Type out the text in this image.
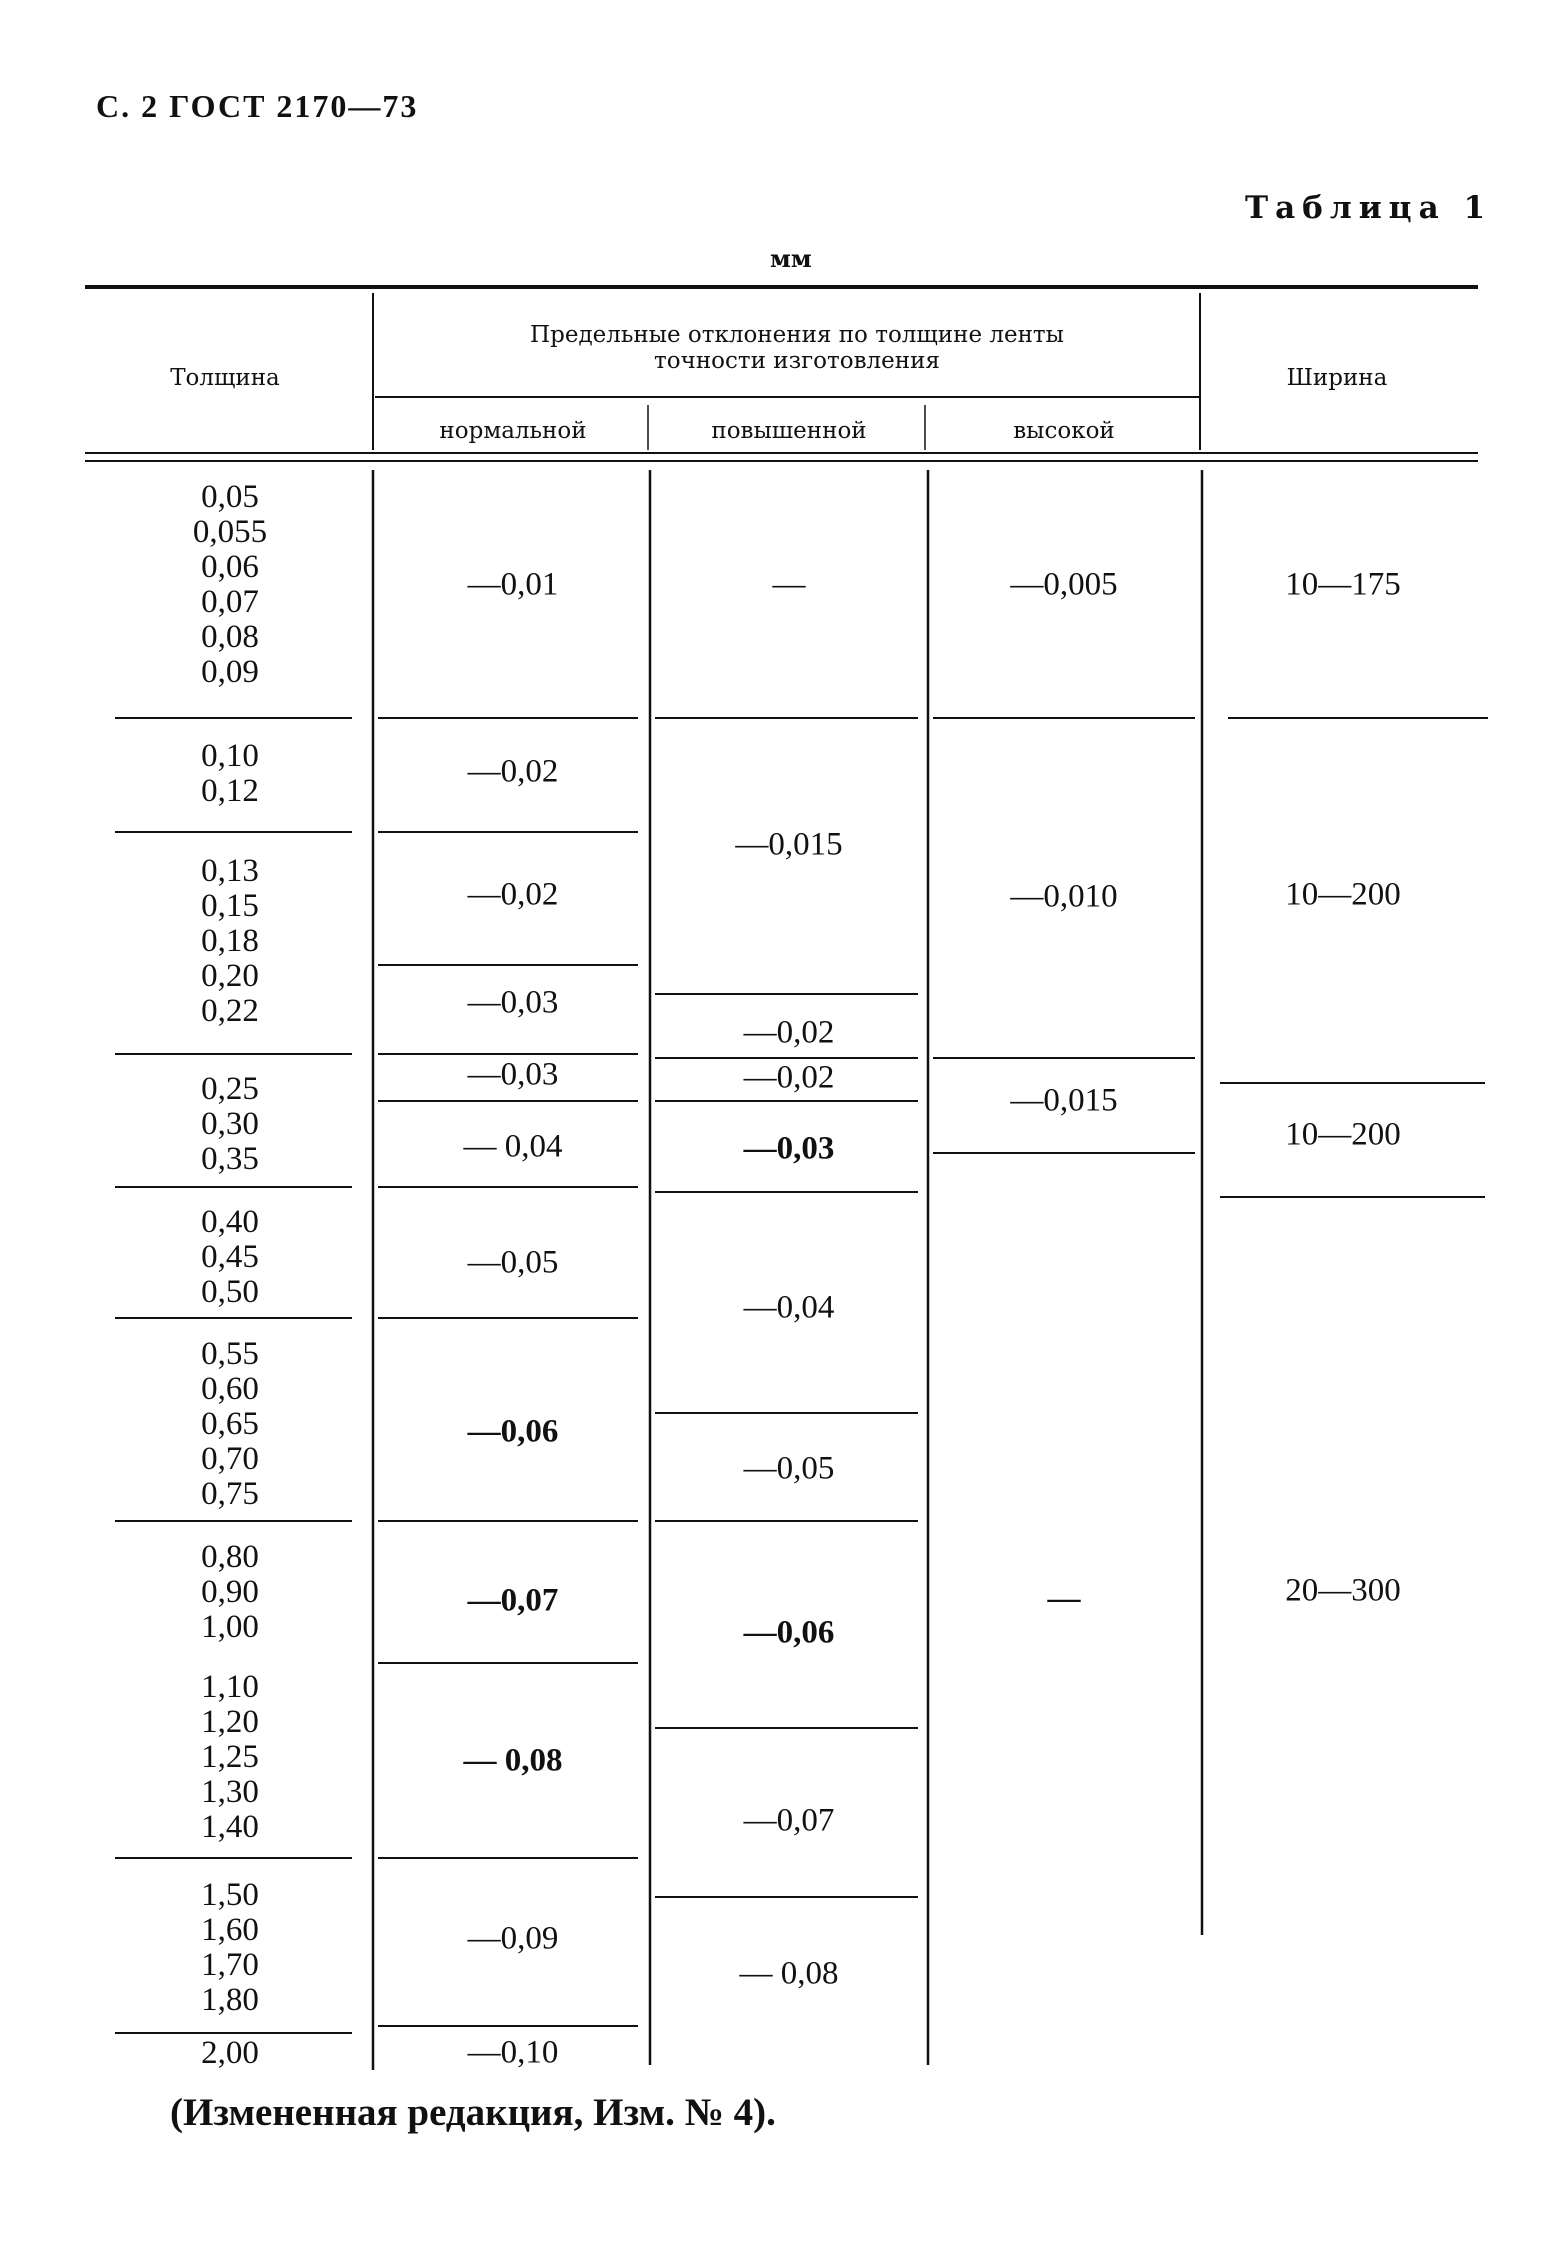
С. 2 ГОСТ 2170—73
Таблица 1
мм
Толщина
Предельные отклонения по толщине ленты
точности изготовления
нормальной	повышенной	высокой
Ширина
0,05
0,055
0,06
0,07
0,08
0,09
0,10
0,12
0,13
0,15
0,18
0,20
0,22
0,25
0,30
0,35
0,40
0,45
0,50
0,55
0,60
0,65
0,70
0,75
0,80
0,90
1,00
1,10
1,20
1,25
1,30
1,40
1,50
1,60
1,70
1,80
2,00
—0,01
—0,02
—0,02
—0,03
—0,03
— 0,04
—0,05
—0,06
—0,07
— 0,08
—0,09
—0,10
—
—0,015
—0,02
—0,02
—0,03
—0,04
—0,05
—0,06
—0,07
— 0,08
—0,005
—0,010
—0,015
—
10—175
10—200
10—200
20—300
(Измененная редакция, Изм. № 4).
